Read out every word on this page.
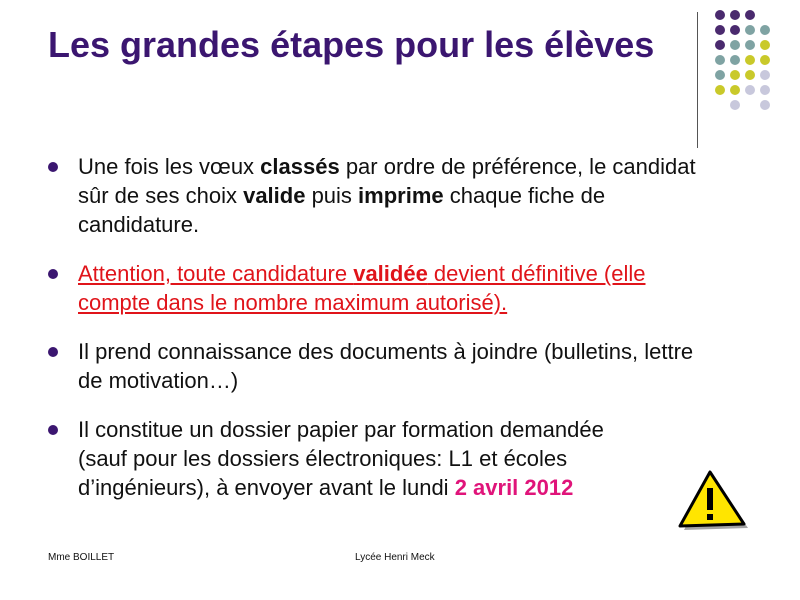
Les grandes étapes pour les élèves
Une fois les vœux classés par ordre de préférence, le candidat sûr de ses choix valide puis imprime chaque fiche de candidature.
Attention, toute candidature validée devient définitive (elle compte dans le nombre maximum autorisé).
Il prend connaissance des documents à joindre (bulletins, lettre de motivation…)
Il constitue un dossier papier par formation demandée (sauf pour les dossiers électroniques: L1 et écoles d’ingénieurs), à envoyer avant le lundi 2 avril 2012
Mme BOILLET	Lycée Henri Meck
